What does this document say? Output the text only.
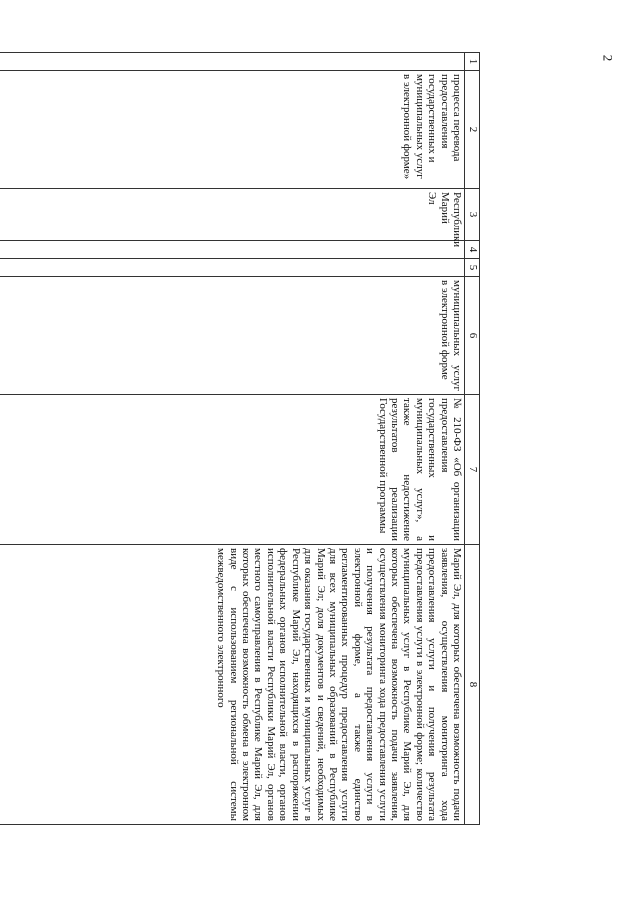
2
1	2	3	4	5	6	7	8
	процесса перевода предоставления государственных и муниципальных услуг в электронной форме»	Республики Марий Эл			муниципальных услуг в электронной форме	№ 210-ФЗ «Об организации предоставления государственных и муниципальных услуг», а также недостижение результатов реализации Государственной программы	Марий Эл, для которых обеспечена возможность подачи заявления, осуществления мониторинга хода предоставления услуги и получения результата предоставления услуги в электронной форме; количество муниципальных услуг в Республике Марий Эл, для которых обеспечена возможность подачи заявления, осуществления мониторинга хода предоставления услуги и получения результата предоставления услуги в электронной форме, а также единство регламентированных процедур предоставления услуги для всех муниципальных образований в Республике Марий Эл; доля документов и сведений, необходимых для оказания государственных и муниципальных услуг в Республике Марий Эл, находящихся в распоряжении федеральных органов исполнительной власти, органов исполнительной власти Республики Марий Эл, органов местного самоуправления в Республике Марий Эл, для которых обеспечена возможность обмена в электронном виде с использованием региональной системы межведомственного электронного
